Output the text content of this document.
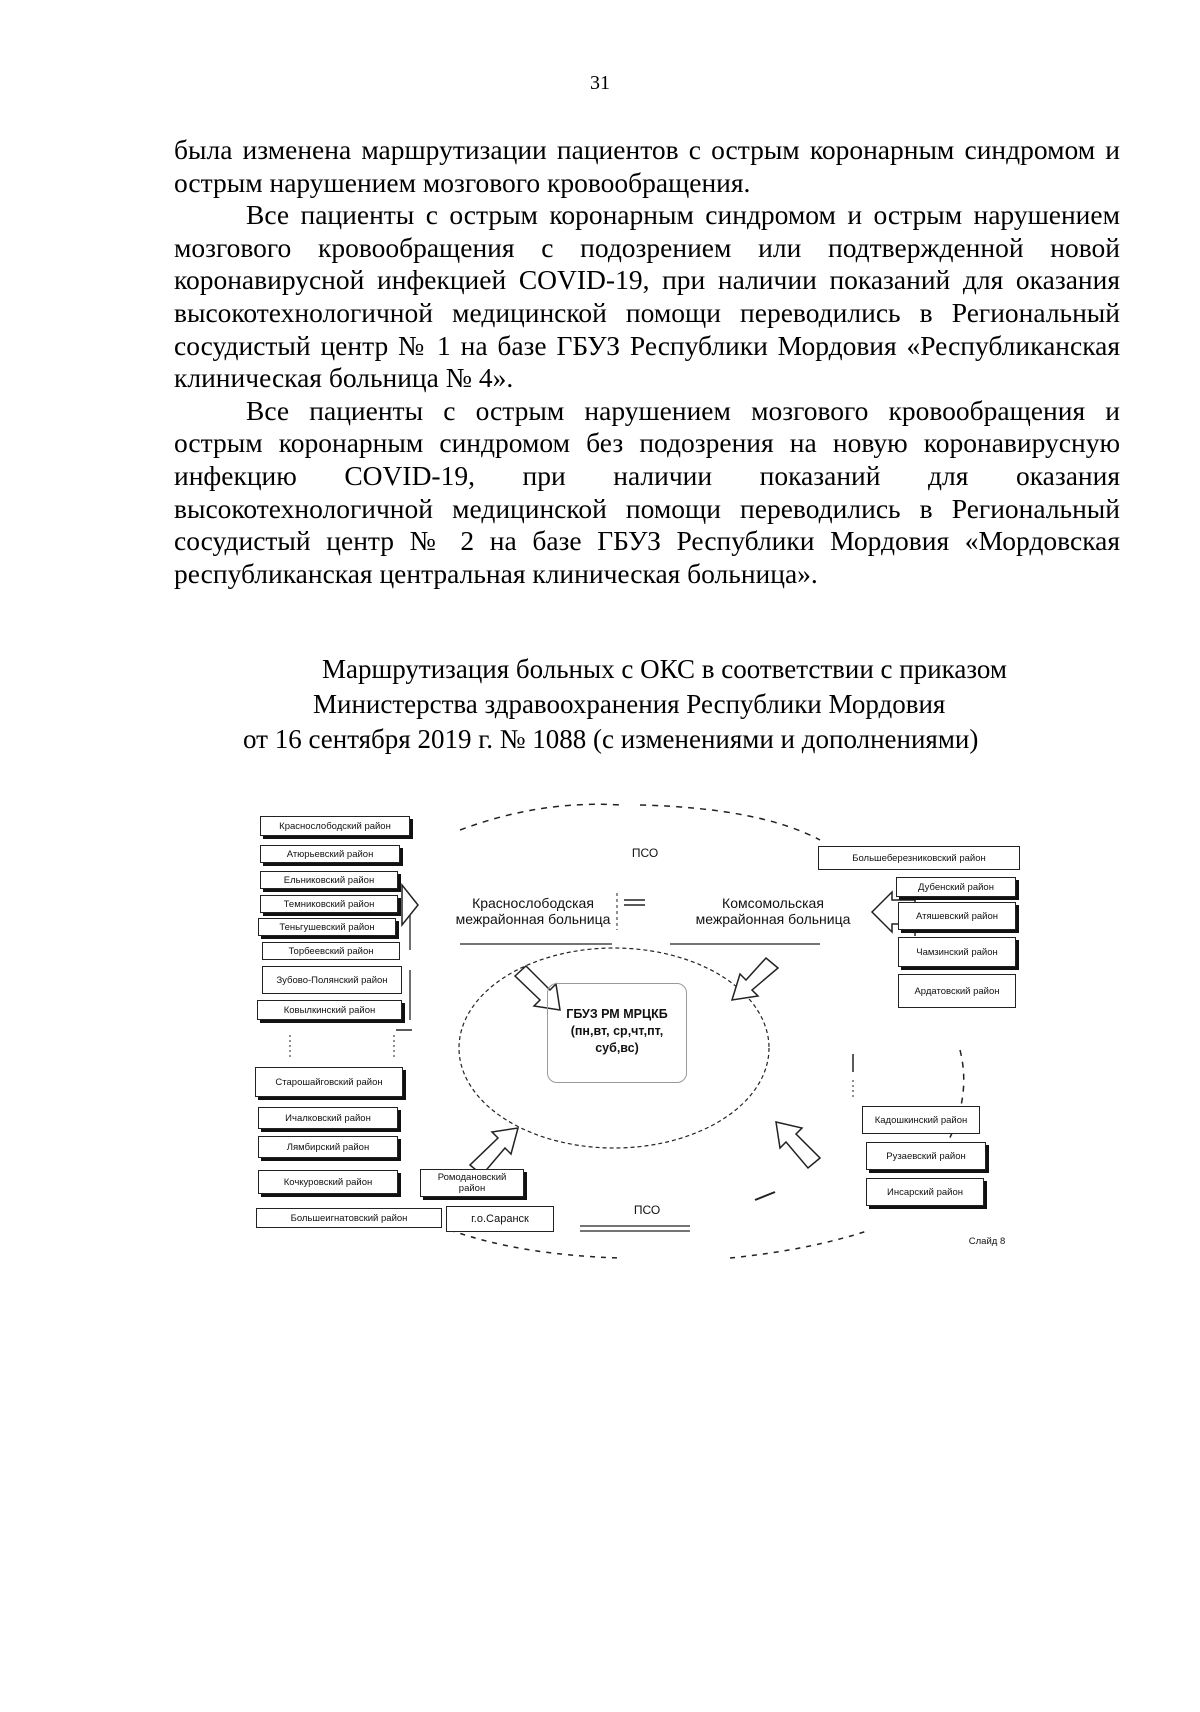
31

была изменена маршрутизации пациентов с острым коронарным синдромом и острым нарушением мозгового кровообращения.

Все пациенты с острым коронарным синдромом и острым нарушением мозгового кровообращения с подозрением или подтвержденной новой коронавирусной инфекцией COVID-19, при наличии показаний для оказания высокотехнологичной медицинской помощи переводились в Региональный сосудистый центр № 1 на базе ГБУЗ Республики Мордовия «Республиканская клиническая больница № 4».

Все пациенты с острым нарушением мозгового кровообращения и острым коронарным синдромом без подозрения на новую коронавирусную инфекцию COVID-19, при наличии показаний для оказания высокотехнологичной медицинской помощи переводились в Региональный сосудистый центр № 2 на базе ГБУЗ Республики Мордовия «Мордовская республиканская центральная клиническая больница».

Маршрутизация больных с ОКС в соответствии с приказом
Министерства здравоохранения Республики Мордовия
от 16 сентября 2019 г. № 1088 (с изменениями и дополнениями)
Краснослободская
межрайонная больница
Комсомольская
межрайонная больница
ПСО
ПСО
ГБУЗ РМ МРЦКБ
(пн,вт, ср,чт,пт,
суб,вс)
Краснослободский район
Атюрьевский район
Ельниковский район
Темниковский район
Теньгушевский район
Торбеевский район
Зубово-Полянский район
Ковылкинский район
Старошайговский район
Ичалковский район
Лямбирский район
Кочкуровский район
Большеигнатовский район
Большеберезниковский район
Дубенский район
Атяшевский район
Чамзинский район
Ардатовский район
Кадошкинский район
Рузаевский район
Инсарский район
Ромодановский район
г.о.Саранск
Слайд 8
